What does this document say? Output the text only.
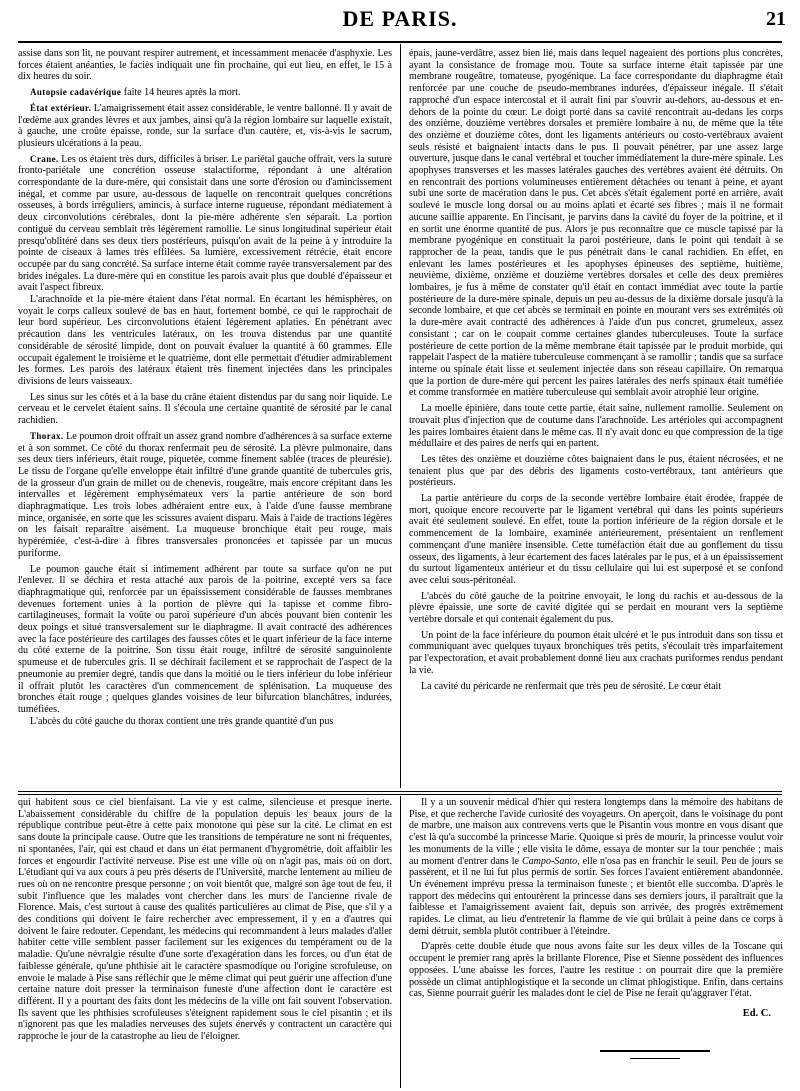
DE PARIS.	21

assise dans son lit, ne pouvant respirer autrement, et incessamment menacée d'asphyxie. Les forces étaient anéanties, le faciès indiquait une fin prochaine, qui eut lieu, en effet, le 15 à dix heures du soir.

Autopsie cadavérique faite 14 heures après la mort.

État extérieur. L'amaigrissement était assez considérable, le ventre ballonné. Il y avait de l'œdème aux grandes lèvres et aux jambes, ainsi qu'à la région lombaire sur laquelle existait, à gauche, une croûte épaisse, ronde, sur la surface d'un cautère, et, vis-à-vis le sacrum, plusieurs ulcérations à la peau.

Crane. Les os étaient très durs, difficiles à briser. Le pariétal gauche offrait, vers la suture fronto-pariétale une concrétion osseuse stalactiforme, répondant à une altération correspondante de la dure-mère, qui consistait dans une sorte d'érosion ou d'amincissement inégal, et comme par usure, au-dessous de laquelle on rencontrait quelques concrétions osseuses, à bords irréguliers, amincis, à surface interne rugueuse, répondant médiatement à deux circonvolutions cérébrales, dont la pie-mère adhérente s'en séparait. La portion contiguë du cerveau semblait très légèrement ramollie. Le sinus longitudinal supérieur était presqu'oblitéré dans ses deux tiers postérieurs, puisqu'on avait de la peine à y introduire la pointe de ciseaux à lames très effilées. Sa lumière, excessivement rétrécie, était encore occupée par du sang concrété. Sa surface interne était comme rayée transversalement par des brides inégales. La dure-mère qui en constitue les parois avait plus que doublé d'épaisseur et avait l'aspect fibreux.

L'arachnoïde et la pie-mère étaient dans l'état normal. En écartant les hémisphères, on voyait le corps calleux soulevé de bas en haut, fortement bombé, ce qui le rapprochait de leur bord supérieur. Les circonvolutions étaient légèrement aplaties. En pénétrant avec précaution dans les ventricules latéraux, on les trouva distendus par une quantité considérable de sérosité limpide, dont on pouvait évaluer la quantité à 60 grammes. Elle occupait également le troisième et le quatrième, dont elle permettait d'étudier admirablement les formes. Les parois des latéraux étaient très finement injectées dans les principales divisions de leurs vaisseaux.

Les sinus sur les côtés et à la base du crâne étaient distendus par du sang noir liquide. Le cerveau et le cervelet étaient sains. Il s'écoula une certaine quantité de sérosité par le canal rachidien.

Thorax. Le poumon droit offrait un assez grand nombre d'adhérences à sa surface externe et à son sommet. Ce côté du thorax renfermait peu de sérosité. La plèvre pulmonaire, dans ses deux tiers inférieurs, était rouge, piquetée, comme finement sablée (traces de pleurésie). Le tissu de l'organe qu'elle enveloppe était infiltré d'une grande quantité de tubercules gris, de la grosseur d'un grain de millet ou de chenevis, rougeâtre, mais encore crépitant dans les intervalles et légèrement emphysémateux vers la partie antérieure de son bord diaphragmatique. Les trois lobes adhéraient entre eux, à l'aide d'une fausse membrane mince, organisée, en sorte que les scissures avaient disparu. Mais à l'aide de tractions légères on les faisait reparaître aisément. La muqueuse bronchique était peu rouge, mais hypérémiée, c'est-à-dire à fibres transversales prononcées et tapissée par un mucus puriforme.

Le poumon gauche était si intimement adhérent par toute sa surface qu'on ne put l'enlever. Il se déchira et resta attaché aux parois de la poitrine, excepté vers sa face diaphragmatique qui, renforcée par un épaississement considérable de fausses membranes devenues fortement unies à la portion de plèvre qui la tapisse et comme fibro-cartilagineuses, formait la voûte ou paroi supérieure d'un abcès pouvant bien contenir les deux poings et situé transversalement sur le diaphragme. Il avait contracté des adhérences avec la face postérieure des cartilages des fausses côtes et le quart inférieur de la face interne du côté externe de la poitrine. Son tissu était rouge, infiltré de sérosité sanguinolente spumeuse et de tubercules gris. Il se déchirait facilement et se rapprochait de l'aspect de la pneumonie au premier degré, tandis que dans la moitié ou le tiers inférieur du lobe inférieur il offrait plutôt les caractères d'un commencement de splénisation. La muqueuse des bronches était rouge ; quelques glandes voisines de leur bifurcation blanchâtres, indurées, tuméfiées.

L'abcès du côté gauche du thorax contient une très grande quantité d'un pus

épais, jaune-verdâtre, assez bien lié, mais dans lequel nageaient des portions plus concrètes, ayant la consistance de fromage mou. Toute sa surface interne était tapissée par une membrane rougeâtre, tomateuse, pyogénique. La face correspondante du diaphragme était renforcée par une couche de pseudo-membranes indurées, d'épaisseur inégale. Il s'était rapproché d'un espace intercostal et il aurait fini par s'ouvrir au-dehors, au-dessous et en-dehors de la pointe du cœur. Le doigt porté dans sa cavité rencontrait au-dedans les corps des onzième, douzième vertèbres dorsales et première lombaire à nu, de même que la tête des onzième et douzième côtes, dont les ligaments antérieurs ou costo-vertébraux avaient seuls résisté et baignaient intacts dans le pus. Il pouvait pénétrer, par une assez large ouverture, jusque dans le canal vertébral et toucher immédiatement la dure-mère spinale. Les apophyses transverses et les masses latérales gauches des vertèbres avaient été détruits. On en rencontrait des portions volumineuses entièrement détachées ou tenant à peine, et ayant subi une sorte de macération dans le pus. Cet abcès s'était également porté en arrière, avait soulevé le muscle long dorsal ou au moins aplati et écarté ses fibres ; mais il ne formait aucune saillie apparente. En l'incisant, je parvins dans la cavité du foyer de la poitrine, et il en sortit une énorme quantité de pus. Alors je pus reconnaître que ce muscle tapissé par la membrane pyogénique en constituait la paroi postérieure, dans le point qui tendait à se rapprocher de la peau, tandis que le pus pénétrait dans le canal rachidien. En effet, en enlevant les lames postérieures et les apophyses épineuses des septième, huitième, neuvième, dixième, onzième et douzième vertèbres dorsales et celle des deux premières lombaires, je fus à même de constater qu'il était en contact immédiat avec toute la partie postérieure de la dure-mère spinale, depuis un peu au-dessus de la dixième dorsale jusqu'à la seconde lombaire, et que cet abcès se terminait en pointe en mourant vers ses extrémités où la dure-mère avait contracté des adhérences à l'aide d'un pus concret, grumeleux, assez consistant ; car on le coupait comme certaines glandes tuberculeuses. Toute la surface postérieure de cette portion de la même membrane était tapissée par le produit morbide, qui rappelait l'aspect de la matière tuberculeuse commençant à se ramollir ; tandis que sa surface interne ou spinale était lisse et seulement injectée dans son réseau capillaire. On remarqua que la portion de dure-mère qui percent les paires latérales des nerfs spinaux était tuméfiée et comme transformée en matière tuberculeuse qui semblait avoir atrophié leur origine.

La moelle épinière, dans toute cette partie, était saine, nullement ramollie. Seulement on trouvait plus d'injection que de coutume dans l'arachnoïde. Les artérioles qui accompagnent les paires lombaires étaient dans le même cas. Il n'y avait donc eu que compression de la tige médullaire et des paires de nerfs qui en partent.

Les têtes des onzième et douzième côtes baignaient dans le pus, étaient nécrosées, et ne tenaient plus que par des débris des ligaments costo-vertébraux, tant antérieurs que postérieurs.

La partie antérieure du corps de la seconde vertèbre lombaire était érodée, frappée de mort, quoique encore recouverte par le ligament vertébral qui dans les points supérieurs avait été seulement soulevé. En effet, toute la portion inférieure de la région dorsale et le commencement de la lombaire, examinée antérieurement, présentaient un renflement commençant d'une manière insensible. Cette tuméfaction était due au gonflement du tissu osseux, des ligaments, à leur écartement des faces latérales par le pus, et à un épaississement du surtout ligamenteux antérieur et du tissu cellulaire qui lui est superposé et se confond avec celui sous-péritonéal.

L'abcès du côté gauche de la poitrine envoyait, le long du rachis et au-dessous de la plèvre épaissie, une sorte de cavité digitée qui se perdait en mourant vers la septième vertèbre dorsale et qui contenait également du pus.

Un point de la face inférieure du poumon était ulcéré et le pus introduit dans son tissu et communiquant avec quelques tuyaux bronchiques très petits, s'écoulait très imparfaitement par l'expectoration, et avait probablement donné lieu aux crachats puriformes rendus pendant la vie.

La cavité du péricarde ne renfermait que très peu de sérosité. Le cœur était

qui habitent sous ce ciel bienfaisant. La vie y est calme, silencieuse et presque inerte. L'abaissement considérable du chiffre de la population depuis les beaux jours de la république contribue peut-être à cette paix monotone qui pèse sur la cité. Le climat en est sans doute la principale cause. Outre que les transitions de température ne sont ni fréquentes, ni spontanées, l'air, qui est chaud et dans un état permanent d'hygrométrie, doit affaiblir les forces et engourdir l'activité nerveuse. Pise est une ville où on n'agit pas, mais où on dort. L'étudiant qui va aux cours à peu près déserts de l'Université, marche lentement au milieu de rues où on ne rencontre presque personne ; on voit bientôt que, malgré son âge tout de feu, il subit l'influence que les malades vont chercher dans les murs de l'ancienne rivale de Florence. Mais, c'est surtout à cause des qualités particulières au climat de Pise, que s'il y a des conditions qui doivent le faire rechercher avec empressement, il y en a d'autres qui doivent le faire redouter. Cependant, les médecins qui recommandent à leurs malades d'aller habiter cette ville semblent passer facilement sur les exigences du tempérament ou de la maladie. Qu'une névralgie résulte d'une sorte d'exagération dans les forces, ou d'un état de faiblesse générale, qu'une phthisie ait le caractère spasmodique ou l'origine scrofuleuse, on envoie le malade à Pise sans réfléchir que le même climat qui peut guérir une affection d'une certaine nature doit presser la terminaison funeste d'une affection dont le caractère est différent. Il y a pourtant des faits dont les médecins de la ville ont fait souvent l'observation. Ils savent que les phthisies scrofuleuses s'éteignent rapidement sous le ciel pisantin ; et ils n'ignorent pas que les maladies nerveuses des sujets énervés y contractent un caractère qui rapproche le jour de la catastrophe au lieu de l'éloigner.

Il y a un souvenir médical d'hier qui restera longtemps dans la mémoire des habitans de Pise, et que recherche l'avide curiosité des voyageurs. On aperçoit, dans le voisinage du pont de marbre, une maison aux contrevens verts que le Pisantin vous montre en vous disant que c'est là qu'a succombé la princesse Marie. Quoique si près de mourir, la princesse voulut voir les monuments de la ville ; elle visita le dôme, essaya de monter sur la tour penchée ; mais au moment d'entrer dans le Campo-Santo, elle n'osa pas en franchir le seuil. Peu de jours se passèrent, et il ne lui fut plus permis de sortir. Ses forces l'avaient entièrement abandonnée. Un événement imprévu pressa la terminaison funeste ; et bientôt elle succomba. D'après le rapport des médecins qui entourèrent la princesse dans ses derniers jours, il paraîtrait que la faiblesse et l'amaigrissement avaient fait, depuis son arrivée, des progrès extrêmement rapides. Le climat, au lieu d'entretenir la flamme de vie qui brûlait à peine dans ce corps à demi détruit, sembla plutôt contribuer à l'éteindre.

D'après cette double étude que nous avons faite sur les deux villes de la Toscane qui occupent le premier rang après la brillante Florence, Pise et Sienne possèdent des influences opposées. L'une abaisse les forces, l'autre les restitue : on pourrait dire que la première possède un climat antiphlogistique et la seconde un climat phlogistique. Enfin, dans certains cas, Sienne pourrait guérir les malades dont le ciel de Pise ne ferait qu'aggraver l'état.

Ed. C.
